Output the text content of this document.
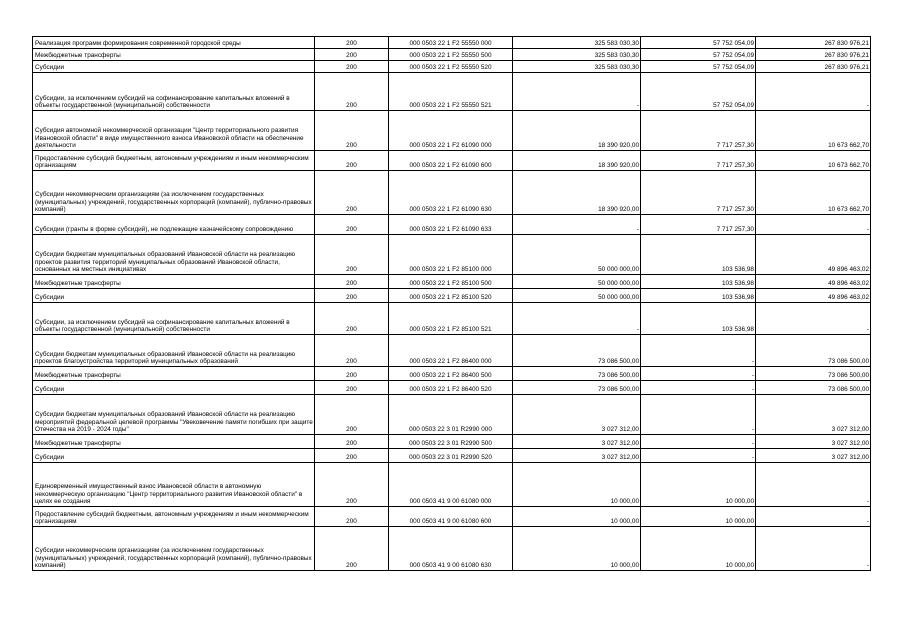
Реализация программ формирования современной городской среды	200	000 0503 22 1 F2 55550 000	325 583 030,30	57 752 054,09	267 830 976,21
Межбюджетные трансферты	200	000 0503 22 1 F2 55550 500	325 583 030,30	57 752 054,09	267 830 976,21
Субсидии	200	000 0503 22 1 F2 55550 520	325 583 030,30	57 752 054,09	267 830 976,21
Субсидии, за исключением субсидий на софинансирование капитальных вложений в объекты государственной (муниципальной) собственности	200	000 0503 22 1 F2 55550 521	-	57 752 054,09	-
Субсидия автономной некоммерческой организации "Центр территориального развития Ивановской области" в виде имущественного взноса Ивановской области на обеспечение деятельности	200	000 0503 22 1 F2 61090 000	18 390 920,00	7 717 257,30	10 673 662,70
Предоставление субсидий бюджетным, автономным учреждениям и иным некоммерческим организациям	200	000 0503 22 1 F2 61090 600	18 390 920,00	7 717 257,30	10 673 662,70
Субсидии некоммерческим организациям (за исключением государственных (муниципальных) учреждений, государственных корпораций (компаний), публично-правовых компаний)	200	000 0503 22 1 F2 61090 630	18 390 920,00	7 717 257,30	10 673 662,70
Субсидии (гранты в форме субсидий), не подлежащие казначейскому сопровождению	200	000 0503 22 1 F2 61090 633	-	7 717 257,30	-
Субсидии бюджетам муниципальных образований Ивановской области на реализацию проектов развития территорий муниципальных образований Ивановской области, основанных на местных инициативах	200	000 0503 22 1 F2 85100 000	50 000 000,00	103 536,98	49 896 463,02
Межбюджетные трансферты	200	000 0503 22 1 F2 85100 500	50 000 000,00	103 536,98	49 896 463,02
Субсидии	200	000 0503 22 1 F2 85100 520	50 000 000,00	103 536,98	49 896 463,02
Субсидии, за исключением субсидий на софинансирование капитальных вложений в объекты государственной (муниципальной) собственности	200	000 0503 22 1 F2 85100 521	-	103 536,98	-
Субсидии бюджетам муниципальных образований Ивановской области на реализацию проектов благоустройства территорий муниципальных образований	200	000 0503 22 1 F2 86400 000	73 086 500,00	-	73 086 500,00
Межбюджетные трансферты	200	000 0503 22 1 F2 86400 500	73 086 500,00	-	73 086 500,00
Субсидии	200	000 0503 22 1 F2 86400 520	73 086 500,00	-	73 086 500,00
Субсидии бюджетам муниципальных образований Ивановской области на реализацию мероприятий федеральной целевой программы "Увековечение памяти погибших при защите Отечества на 2019 - 2024 годы"	200	000 0503 22 3 01 R2990 000	3 027 312,00	-	3 027 312,00
Межбюджетные трансферты	200	000 0503 22 3 01 R2990 500	3 027 312,00	-	3 027 312,00
Субсидии	200	000 0503 22 3 01 R2990 520	3 027 312,00	-	3 027 312,00
Единовременный имущественный взнос Ивановской области в автономную некоммерческую организацию "Центр территориального развития Ивановской области" в целях ее создания	200	000 0503 41 9 00 61080 000	10 000,00	10 000,00	-
Предоставление субсидий бюджетным, автономным учреждениям и иным некоммерческим организациям	200	000 0503 41 9 00 61080 600	10 000,00	10 000,00	-
Субсидии некоммерческим организациям (за исключением государственных (муниципальных) учреждений, государственных корпораций (компаний), публично-правовых компаний)	200	000 0503 41 9 00 61080 630	10 000,00	10 000,00	-
